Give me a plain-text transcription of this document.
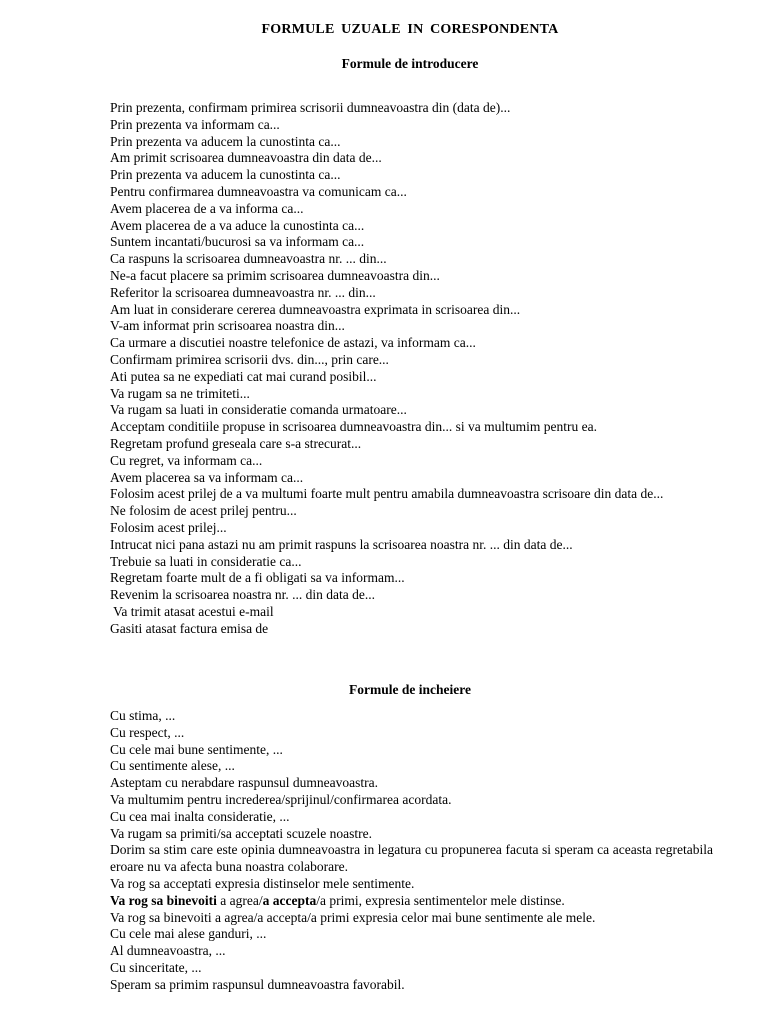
FORMULE UZUALE IN CORESPONDENTA
Formule de introducere
Prin prezenta, confirmam primirea scrisorii dumneavoastra din (data de)...
Prin prezenta va informam ca...
Prin prezenta va aducem la cunostinta ca...
Am primit scrisoarea dumneavoastra din data de...
Prin prezenta va aducem la cunostinta ca...
Pentru confirmarea dumneavoastra va comunicam ca...
Avem placerea de a va informa ca...
Avem placerea de a va aduce la cunostinta ca...
Suntem incantati/bucurosi sa va informam ca...
Ca raspuns la scrisoarea dumneavoastra nr. ... din...
Ne-a facut placere sa primim scrisoarea dumneavoastra din...
Referitor la scrisoarea dumneavoastra nr. ... din...
Am luat in considerare cererea dumneavoastra exprimata in scrisoarea din...
V-am informat prin scrisoarea noastra din...
Ca urmare a discutiei noastre telefonice de astazi, va informam ca...
Confirmam primirea scrisorii dvs. din..., prin care...
Ati putea sa ne expediati cat mai curand posibil...
Va rugam sa ne trimiteti...
Va rugam sa luati in consideratie comanda urmatoare...
Acceptam conditiile propuse in scrisoarea dumneavoastra din... si va multumim pentru ea.
Regretam profund greseala care s-a strecurat...
Cu regret, va informam ca...
Avem placerea sa va informam ca...
Folosim acest prilej de a va multumi foarte mult pentru amabila dumneavoastra scrisoare din data de...
Ne folosim de acest prilej pentru...
Folosim acest prilej...
Intrucat nici pana astazi nu am primit raspuns la scrisoarea noastra nr. ... din data de...
Trebuie sa luati in consideratie ca...
Regretam foarte mult de a fi obligati sa va informam...
Revenim la scrisoarea noastra nr. ... din data de...
Va trimit atasat acestui e-mail
Gasiti atasat factura emisa de
Formule de incheiere
Cu stima, ...
Cu respect, ...
Cu cele mai bune sentimente, ...
Cu sentimente alese, ...
Asteptam cu nerabdare raspunsul dumneavoastra.
Va multumim pentru increderea/sprijinul/confirmarea acordata.
Cu cea mai inalta consideratie, ...
Va rugam sa primiti/sa acceptati scuzele noastre.
Dorim sa stim care este opinia dumneavoastra in legatura cu propunerea facuta si speram ca aceasta regretabila eroare nu va afecta buna noastra colaborare.
Va rog sa acceptati expresia distinselor mele sentimente.
Va rog sa binevoiti a agrea/a accepta/a primi, expresia sentimentelor mele distinse.
Va rog sa binevoiti a agrea/a accepta/a primi expresia celor mai bune sentimente ale mele.
Cu cele mai alese ganduri, ...
Al dumneavoastra, ...
Cu sinceritate, ...
Speram sa primim raspunsul dumneavoastra favorabil.
